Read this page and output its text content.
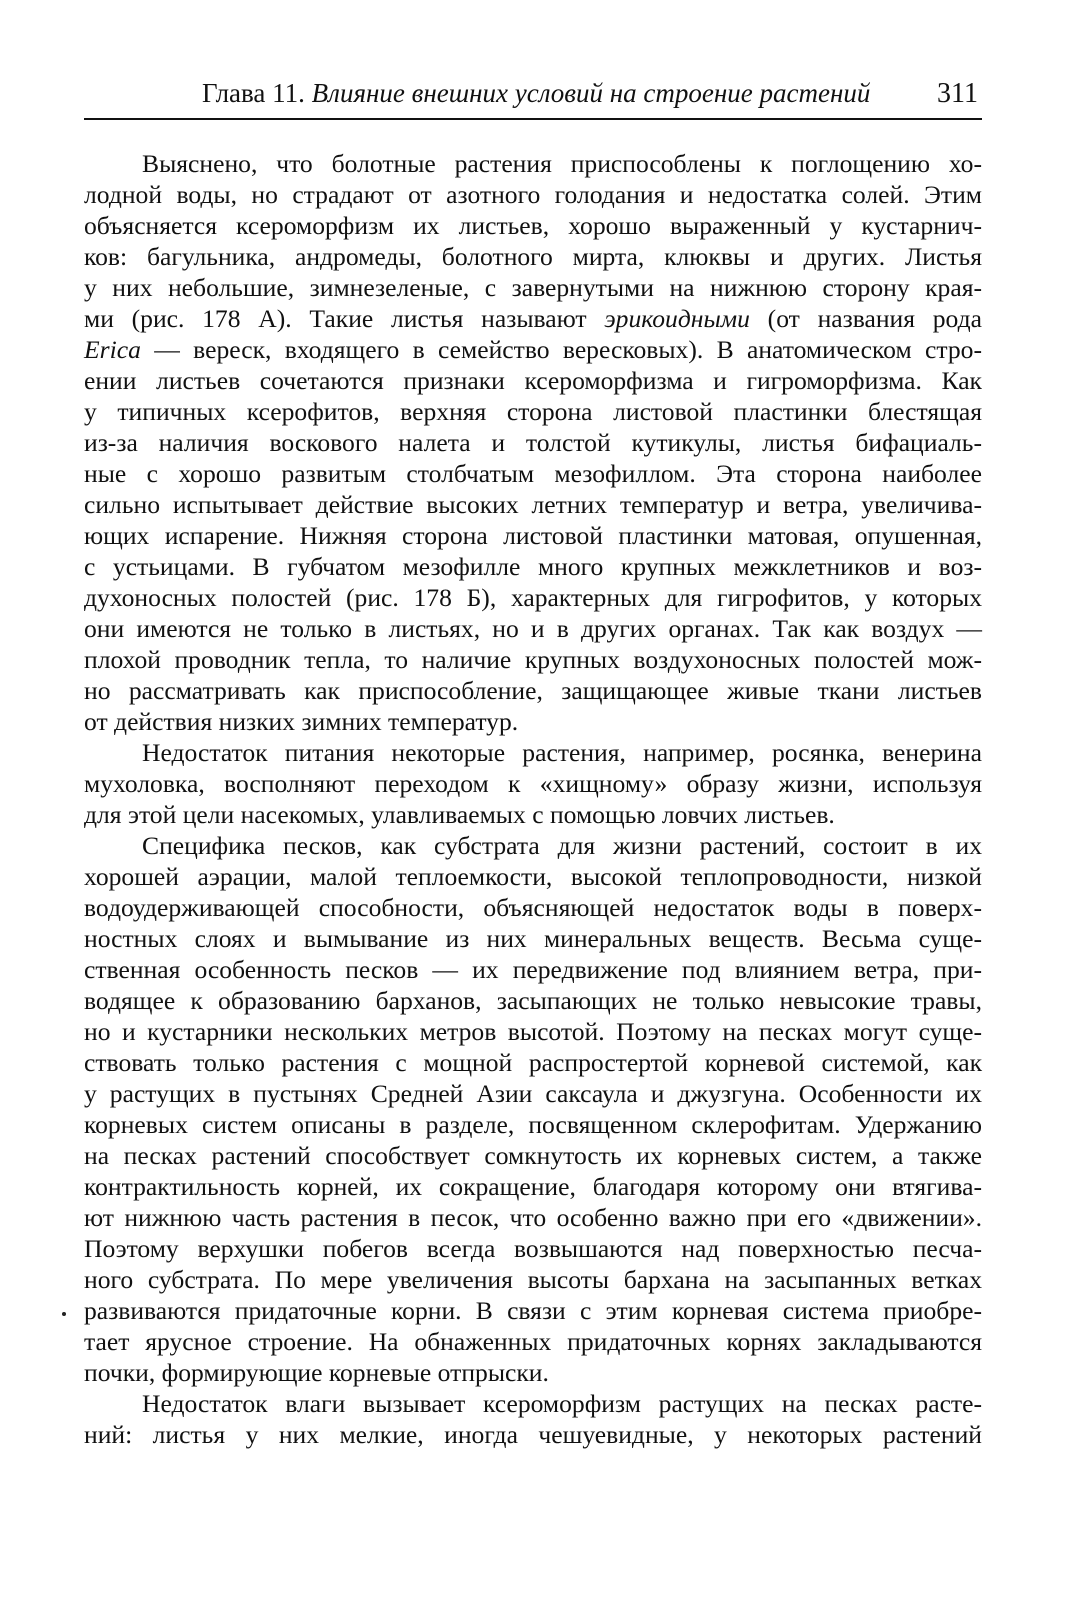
Глава 11. Влияние внешних условий на строение растений 311
Выяснено, что болотные растения приспособлены к поглощению хо-
лодной воды, но страдают от азотного голодания и недостатка солей. Этим
объясняется ксероморфизм их листьев, хорошо выраженный у кустарнич-
ков: багульника, андромеды, болотного мирта, клюквы и других. Листья
у них небольшие, зимнезеленые, с завернутыми на нижнюю сторону края-
ми (рис. 178 А). Такие листья называют эрикоидными (от названия рода
Erica — вереск, входящего в семейство вересковых). В анатомическом стро-
ении листьев сочетаются признаки ксероморфизма и гигроморфизма. Как
у типичных ксерофитов, верхняя сторона листовой пластинки блестящая
из-за наличия воскового налета и толстой кутикулы, листья бифациаль-
ные с хорошо развитым столбчатым мезофиллом. Эта сторона наиболее
сильно испытывает действие высоких летних температур и ветра, увеличива-
ющих испарение. Нижняя сторона листовой пластинки матовая, опушенная,
с устьицами. В губчатом мезофилле много крупных межклетников и воз-
духоносных полостей (рис. 178 Б), характерных для гигрофитов, у которых
они имеются не только в листьях, но и в других органах. Так как воздух —
плохой проводник тепла, то наличие крупных воздухоносных полостей мож-
но рассматривать как приспособление, защищающее живые ткани листьев
от действия низких зимних температур.
Недостаток питания некоторые растения, например, росянка, венерина
мухоловка, восполняют переходом к «хищному» образу жизни, используя
для этой цели насекомых, улавливаемых с помощью ловчих листьев.
Специфика песков, как субстрата для жизни растений, состоит в их
хорошей аэрации, малой теплоемкости, высокой теплопроводности, низкой
водоудерживающей способности, объясняющей недостаток воды в поверх-
ностных слоях и вымывание из них минеральных веществ. Весьма суще-
ственная особенность песков — их передвижение под влиянием ветра, при-
водящее к образованию барханов, засыпающих не только невысокие травы,
но и кустарники нескольких метров высотой. Поэтому на песках могут суще-
ствовать только растения с мощной распростертой корневой системой, как
у растущих в пустынях Средней Азии саксаула и джузгуна. Особенности их
корневых систем описаны в разделе, посвященном склерофитам. Удержанию
на песках растений способствует сомкнутость их корневых систем, а также
контрактильность корней, их сокращение, благодаря которому они втягива-
ют нижнюю часть растения в песок, что особенно важно при его «движении».
Поэтому верхушки побегов всегда возвышаются над поверхностью песча-
ного субстрата. По мере увеличения высоты бархана на засыпанных ветках
развиваются придаточные корни. В связи с этим корневая система приобре-
тает ярусное строение. На обнаженных придаточных корнях закладываются
почки, формирующие корневые отпрыски.
Недостаток влаги вызывает ксероморфизм растущих на песках расте-
ний: листья у них мелкие, иногда чешуевидные, у некоторых растений
